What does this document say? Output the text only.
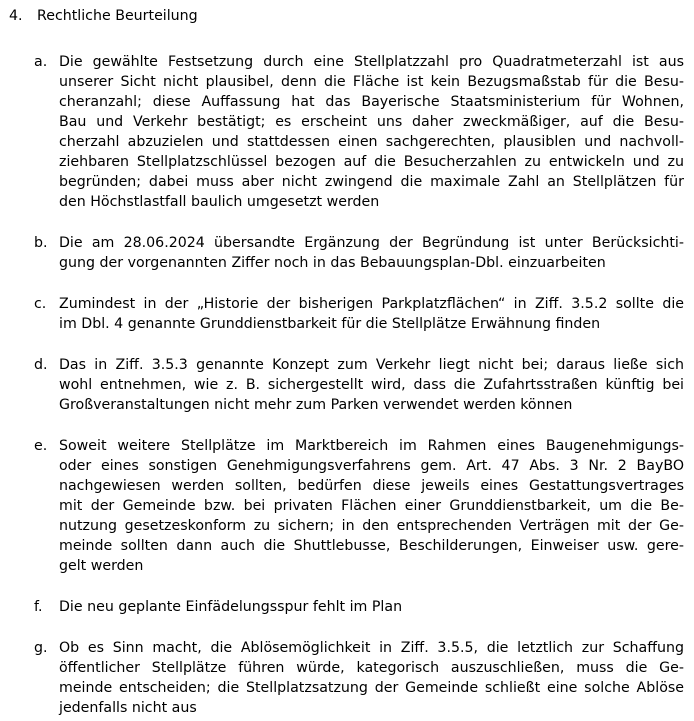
4.	Rechtliche Beurteilung
a. Die gewählte Festsetzung durch eine Stellplatzzahl pro Quadratmeterzahl ist aus
unserer Sicht nicht plausibel, denn die Fläche ist kein Bezugsmaßstab für die Besu-
cheranzahl; diese Auffassung hat das Bayerische Staatsministerium für Wohnen,
Bau und Verkehr bestätigt; es erscheint uns daher zweckmäßiger, auf die Besu-
cherzahl abzuzielen und stattdessen einen sachgerechten, plausiblen und nachvoll-
ziehbaren Stellplatzschlüssel bezogen auf die Besucherzahlen zu entwickeln und zu
begründen; dabei muss aber nicht zwingend die maximale Zahl an Stellplätzen für
den Höchstlastfall baulich umgesetzt werden

b. Die am 28.06.2024 übersandte Ergänzung der Begründung ist unter Berücksichti-
gung der vorgenannten Ziffer noch in das Bebauungsplan-Dbl. einzuarbeiten

c. Zumindest in der „Historie der bisherigen Parkplatzflächen“ in Ziff. 3.5.2 sollte die
im Dbl. 4 genannte Grunddienstbarkeit für die Stellplätze Erwähnung finden

d. Das in Ziff. 3.5.3 genannte Konzept zum Verkehr liegt nicht bei; daraus ließe sich
wohl entnehmen, wie z. B. sichergestellt wird, dass die Zufahrtsstraßen künftig bei
Großveranstaltungen nicht mehr zum Parken verwendet werden können

e. Soweit weitere Stellplätze im Marktbereich im Rahmen eines Baugenehmigungs-
oder eines sonstigen Genehmigungsverfahrens gem. Art. 47 Abs. 3 Nr. 2 BayBO
nachgewiesen werden sollten, bedürfen diese jeweils eines Gestattungsvertrages
mit der Gemeinde bzw. bei privaten Flächen einer Grunddienstbarkeit, um die Be-
nutzung gesetzeskonform zu sichern; in den entsprechenden Verträgen mit der Ge-
meinde sollten dann auch die Shuttlebusse, Beschilderungen, Einweiser usw. gere-
gelt werden

f.	Die neu geplante Einfädelungsspur fehlt im Plan

g. Ob es Sinn macht, die Ablösemöglichkeit in Ziff. 3.5.5, die letztlich zur Schaffung
öffentlicher Stellplätze führen würde, kategorisch auszuschließen, muss die Ge-
meinde entscheiden; die Stellplatzsatzung der Gemeinde schließt eine solche Ablöse
jedenfalls nicht aus
